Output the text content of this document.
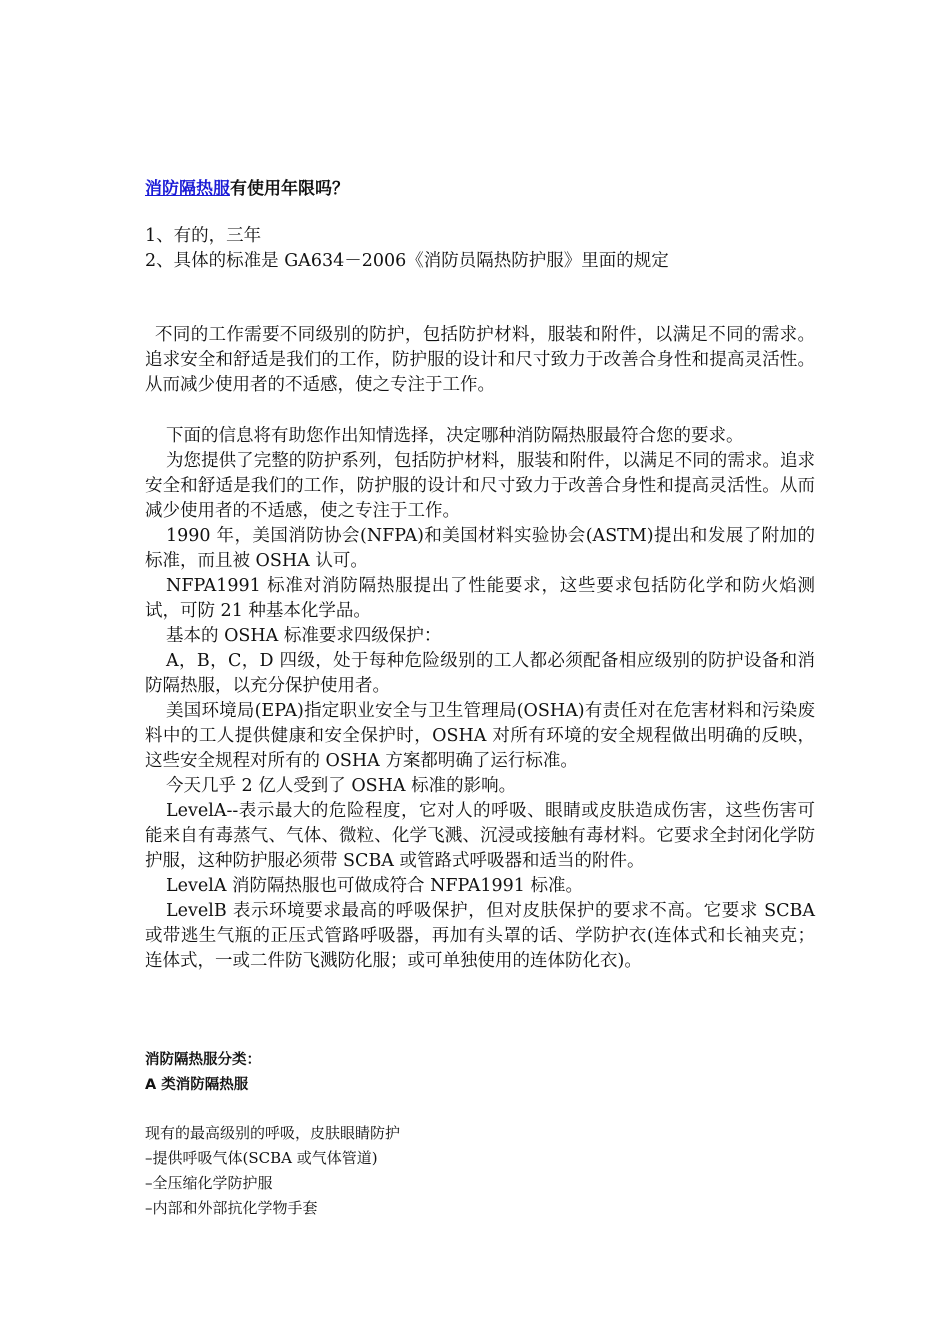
消防隔热服有使用年限吗？
1、有的，三年
2、具体的标准是 GA634－2006《消防员隔热防护服》里面的规定

不同的工作需要不同级别的防护，包括防护材料，服装和附件，以满足不同的需求。追求安全和舒适是我们的工作，防护服的设计和尺寸致力于改善合身性和提高灵活性。从而减少使用者的不适感，使之专注于工作。

下面的信息将有助您作出知情选择，决定哪种消防隔热服最符合您的要求。

为您提供了完整的防护系列，包括防护材料，服装和附件，以满足不同的需求。追求安全和舒适是我们的工作，防护服的设计和尺寸致力于改善合身性和提高灵活性。从而减少使用者的不适感，使之专注于工作。

1990 年，美国消防协会(NFPA)和美国材料实验协会(ASTM)提出和发展了附加的标准，而且被 OSHA 认可。

NFPA1991 标准对消防隔热服提出了性能要求，这些要求包括防化学和防火焰测试，可防 21 种基本化学品。

基本的 OSHA 标准要求四级保护：

A，B，C，D 四级，处于每种危险级别的工人都必须配备相应级别的防护设备和消防隔热服，以充分保护使用者。

美国环境局(EPA)指定职业安全与卫生管理局(OSHA)有责任对在危害材料和污染废料中的工人提供健康和安全保护时，OSHA 对所有环境的安全规程做出明确的反映，这些安全规程对所有的 OSHA 方案都明确了运行标准。

今天几乎 2 亿人受到了 OSHA 标准的影响。

LevelA--表示最大的危险程度，它对人的呼吸、眼睛或皮肤造成伤害，这些伤害可能来自有毒蒸气、气体、微粒、化学飞溅、沉浸或接触有毒材料。它要求全封闭化学防护服，这种防护服必须带 SCBA 或管路式呼吸器和适当的附件。

LevelA 消防隔热服也可做成符合 NFPA1991 标准。

LevelB 表示环境要求最高的呼吸保护，但对皮肤保护的要求不高。它要求 SCBA 或带逃生气瓶的正压式管路呼吸器，再加有头罩的话、学防护衣(连体式和长袖夹克；连体式，一或二件防飞溅防化服；或可单独使用的连体防化衣)。

消防隔热服分类：
A 类消防隔热服
现有的最高级别的呼吸，皮肤眼睛防护
–提供呼吸气体(SCBA 或气体管道)
–全压缩化学防护服
–内部和外部抗化学物手套
